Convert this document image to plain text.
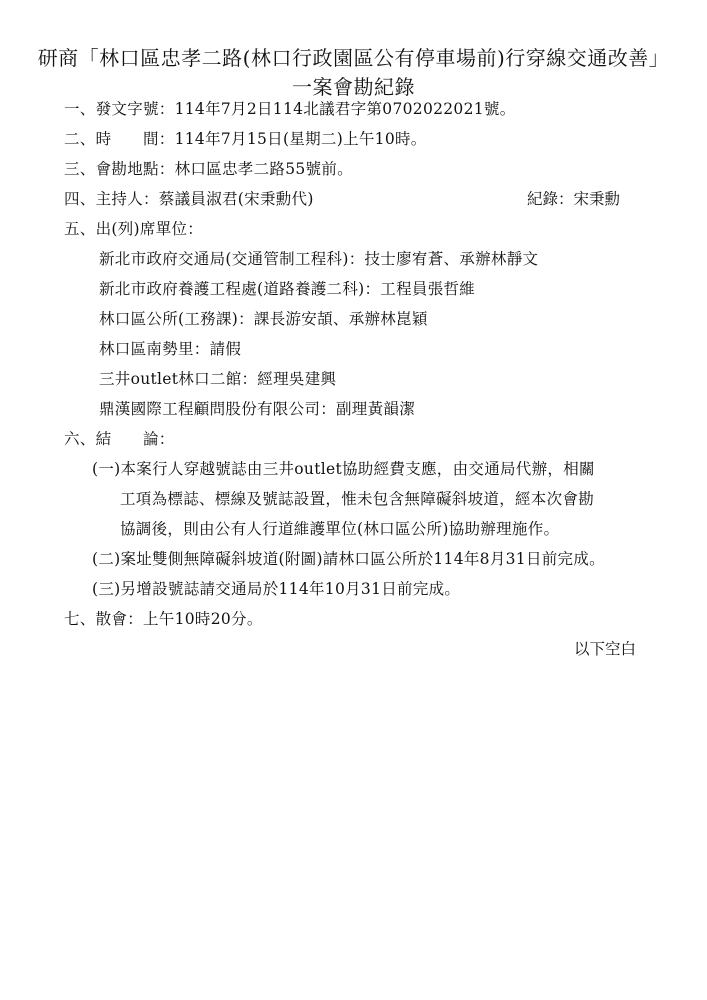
研商「林口區忠孝二路(林口行政園區公有停車場前)行穿線交通改善」
一案會勘紀錄
一、發文字號：114年7月2日114北議君字第0702022021號。
二、時　　間：114年7月15日(星期二)上午10時。
三、會勘地點：林口區忠孝二路55號前。
四、主持人：蔡議員淑君(宋秉勳代)	紀錄：宋秉勳
五、出(列)席單位：
新北市政府交通局(交通管制工程科)：技士廖宥蒼、承辦林靜文
新北市政府養護工程處(道路養護二科)：工程員張哲維
林口區公所(工務課)：課長游安頡、承辦林崑穎
林口區南勢里：請假
三井outlet林口二館：經理吳建興
鼎漢國際工程顧問股份有限公司：副理黃韻潔
六、結　　論：
(一)本案行人穿越號誌由三井outlet協助經費支應，由交通局代辦，相關
工項為標誌、標線及號誌設置，惟未包含無障礙斜坡道，經本次會勘
協調後，則由公有人行道維護單位(林口區公所)協助辦理施作。
(二)案址雙側無障礙斜坡道(附圖)請林口區公所於114年8月31日前完成。
(三)另增設號誌請交通局於114年10月31日前完成。
七、散會：上午10時20分。
以下空白
